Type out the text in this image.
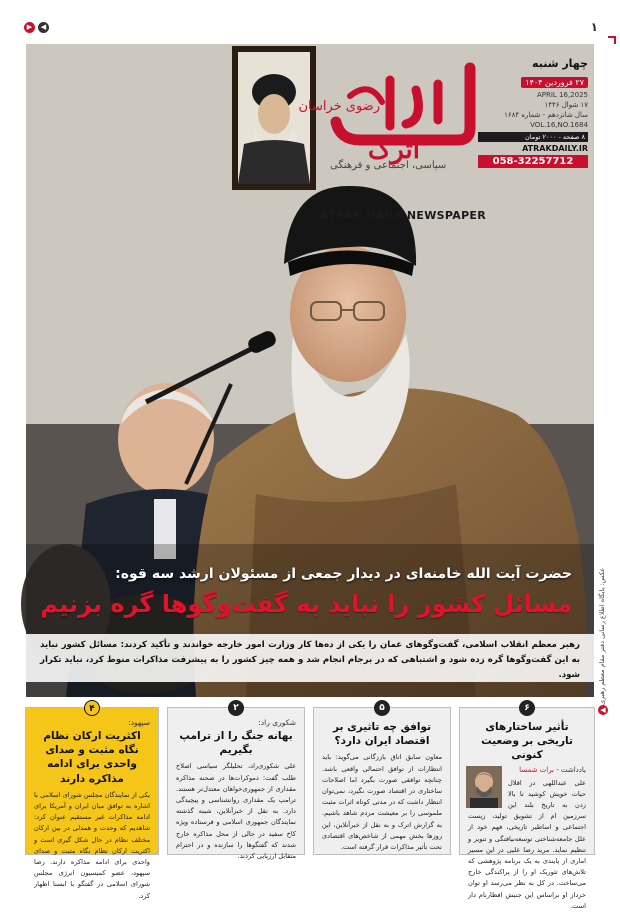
▶	◀	۱
رضوی خراسان
اترک
سیاسی، اجتماعی و فرهنگی
ATRAK DAILY NEWSPAPER
چهار شنبه
۲۷ فروردین ۱۴۰۴
APRIL 16,2025
۱۷ شوال ۱۴۴۶
سال شانزدهم - شماره ۱۶۸۴
VOL.16,NO.1684
۸ صفحه - ۲۰۰۰ تومان
ATRAKDAILY.IR
058-32257712
حضرت آیت الله خامنه‌ای در دیدار جمعی از مسئولان ارشد سه قوه:
مسائل کشور را نباید به گفت‌وگوها گره بزنیم
رهبر معظم انقلاب اسلامی، گفت‌وگوهای عمان را یکی از ده‌ها کار وزارت امور خارجه خواندند و تأکید کردند: مسائل کشور نباید به این گفت‌وگوها گره زده شود و اشتباهی که در برجام انجام شد و همه چیز کشور را به پیشرفت مذاکرات منوط کرد، نباید تکرار شود.	عکس: پایگاه اطلاع رسانی دفتر مقام معظم رهبری
◀
۶
تأثیر ساختارهای تاریخی بر وضعیت کنونی
یادداشت - برات شمسا
علی عبداللهی در اقلال حیات خویش کوشید تا بالا زدن به تاریخ بلند این سرزمین ام از تشویق تولید، زیست اجتماعی و اساطیر تاریخی، فهم خود از علل جامعه‌شناختی توسعه‌نیافتگی و تنویر و تنظیم نماید. مرید رضا علیی در این مسیر اماری از پایندی به یک برنامه پژوهشی که تلاش‌های تئوریک او را از پراکندگی خارج می‌ساخت. در کل به نظر می‌رسد او توان خرداز او براساس این جنبش افظارنام دار است.
۵
توافق چه تاثیری بر اقتصاد ایران دارد؟
معاون سابق اتاق بازرگانی می‌گوید: باید انتظارات از توافق احتمالی واقعی باشد. چنانچه توافقی صورت بگیرد اما اصلاحات ساختاری در اقتصاد صورت نگیرد، نمی‌توان انتظار داشت که در مدتی کوتاه اثرات مثبت ملموسی را بر معیشت مردم شاهد باشیم. به گزارش اترک و به نقل از خبرآنلاین، این روزها بخش مهمی از شاخص‌های اقتصادی تحت تأثیر مذاکرات قرار گرفته است.
۲
شکوری راد:
بهانه جنگ را از ترامپ بگیریم
علی شکوری‌راد، تحلیلگر سیاسی اصلاح طلب گفت: دموکرات‌ها در صحنه مذاکره مقداری از جمهوری‌خواهان معتدل‌تر هستند. ترامپ یک مقداری روانشناسی و پیچیدگی دارد. به نقل از خبرآنلاین، شینه گذشته نمایندگان جمهوری اسلامی و فرستاده ویژه کاخ سفید در حالی از محل مذاکره خارج شدند که گفتگوها را سازنده و در احترام متقابل ارزیابی کردند.
۴
سپهود:
اکثریت ارکان نظام نگاه مثبت و صدای واحدی برای ادامه مذاکره دارند
یکی از نمایندگان مجلس شورای اسلامی با اشاره به توافق میان ایران و آمریکا برای ادامه مذاکرات غیر مستقیم عنوان کرد: شاهدیم که وحدت و همدلی در بین ارکان مختلف نظام در حال شکل گیری است و اکثریت ارکان نظام نگاه مثبت و صدای واحدی برای ادامه مذاکره دارند. رضا سپهود، عضو کمیسیون انرژی مجلس شورای اسلامی در گفتگو با ایسنا اظهار کرد.
